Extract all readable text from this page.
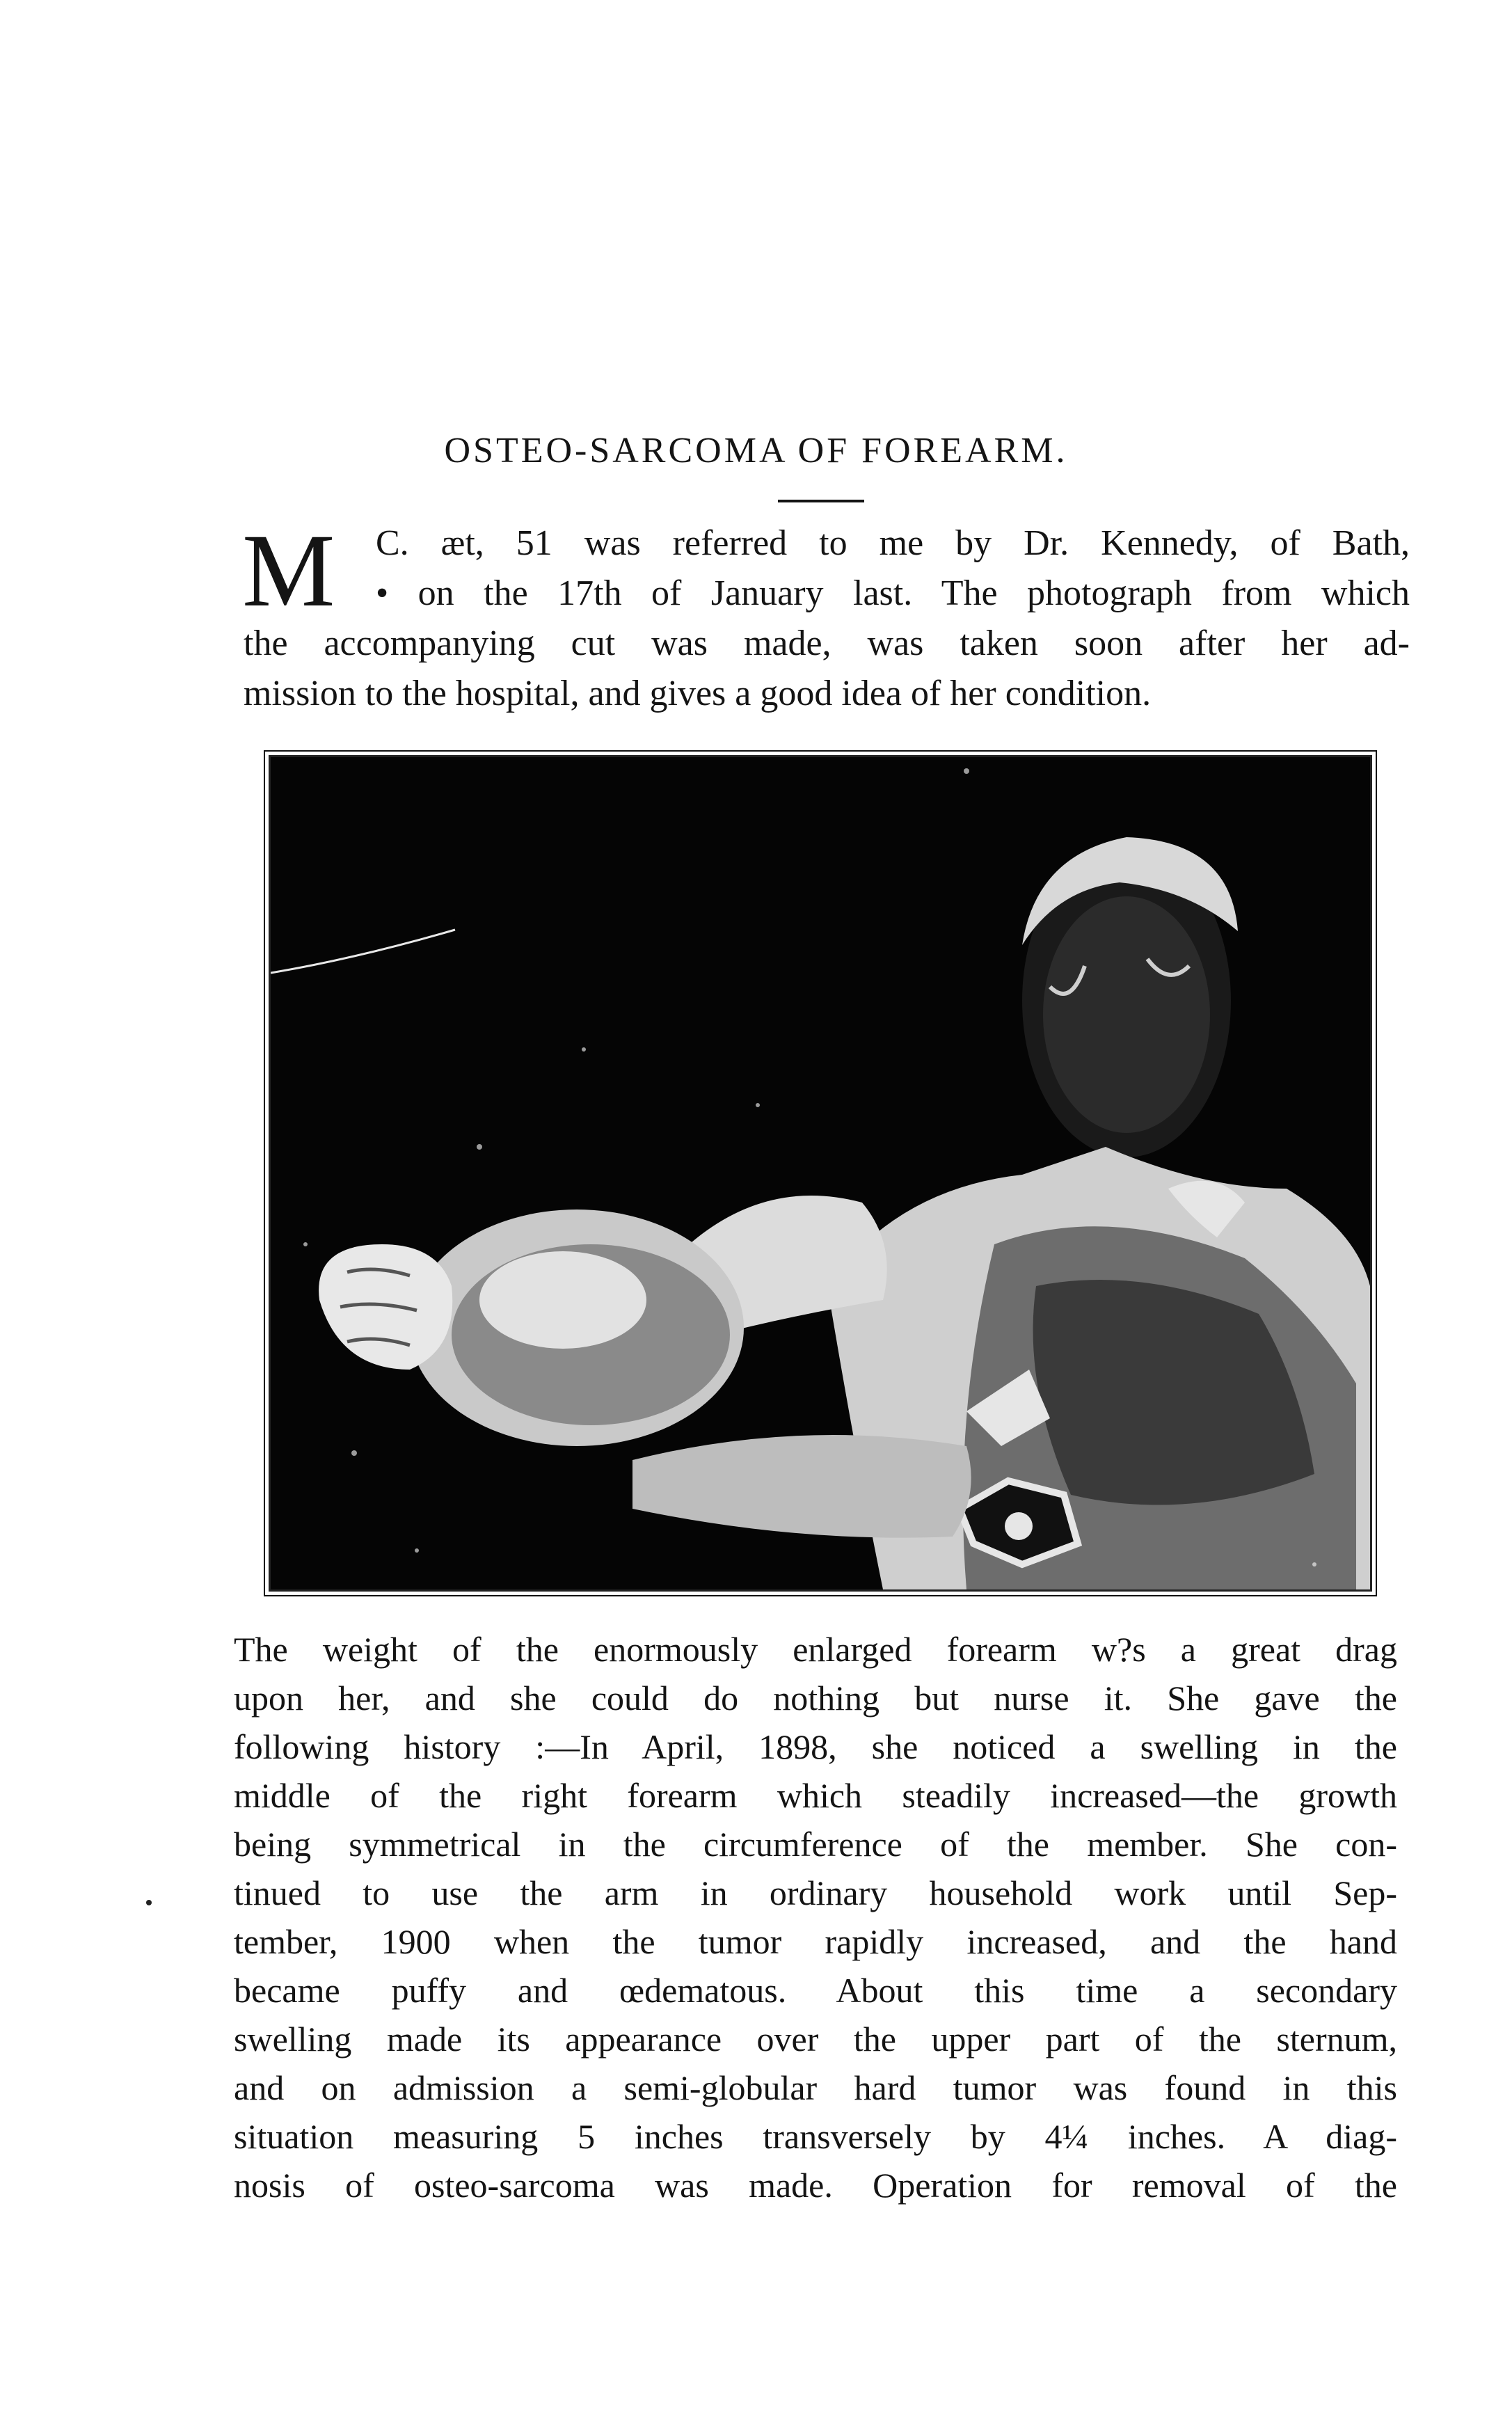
OSTEO-SARCOMA OF FOREARM.
M	C. æt, 51 was referred to me by Dr. Kennedy, of Bath,
• on the 17th of January last. The photograph from which
the accompanying cut was made, was taken soon after her ad-
mission to the hospital, and gives a good idea of her condition.
The weight of the enormously enlarged forearm w?s a great drag
upon her, and she could do nothing but nurse it. She gave the
following history :—In April, 1898, she noticed a swelling in the
middle of the right forearm which steadily increased—the growth
being symmetrical in the circumference of the member. She con-
tinued to use the arm in ordinary household work until Sep-
tember, 1900 when the tumor rapidly increased, and the hand
became puffy and œdematous. About this time a secondary
swelling made its appearance over the upper part of the sternum,
and on admission a semi-globular hard tumor was found in this
situation measuring 5 inches transversely by 4¼ inches. A diag-
nosis of osteo-sarcoma was made. Operation for removal of the
